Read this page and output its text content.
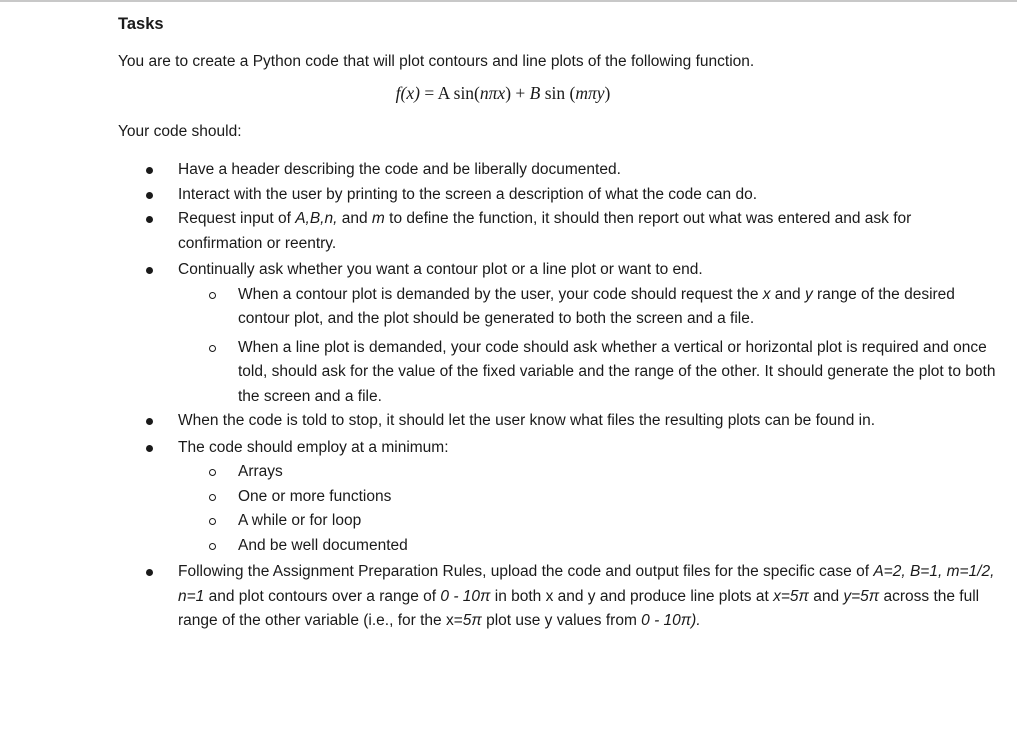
Tasks
You are to create a Python code that will plot contours and line plots of the following function.
f(x) = A sin(nπx) + B sin (mπy)
Your code should:
Have a header describing the code and be liberally documented.
Interact with the user by printing to the screen a description of what the code can do.
Request input of A,B,n, and m to define the function, it should then report out what was entered and ask for confirmation or reentry.
Continually ask whether you want a contour plot or a line plot or want to end.
When a contour plot is demanded by the user, your code should request the x and y range of the desired contour plot, and the plot should be generated to both the screen and a file.
When a line plot is demanded, your code should ask whether a vertical or horizontal plot is required and once told, should ask for the value of the fixed variable and the range of the other. It should generate the plot to both the screen and a file.
When the code is told to stop, it should let the user know what files the resulting plots can be found in.
The code should employ at a minimum:
Arrays
One or more functions
A while or for loop
And be well documented
Following the Assignment Preparation Rules, upload the code and output files for the specific case of A=2, B=1, m=1/2, n=1 and plot contours over a range of 0 - 10π in both x and y and produce line plots at x=5π and y=5π across the full range of the other variable (i.e., for the x=5π plot use y values from 0 - 10π).
